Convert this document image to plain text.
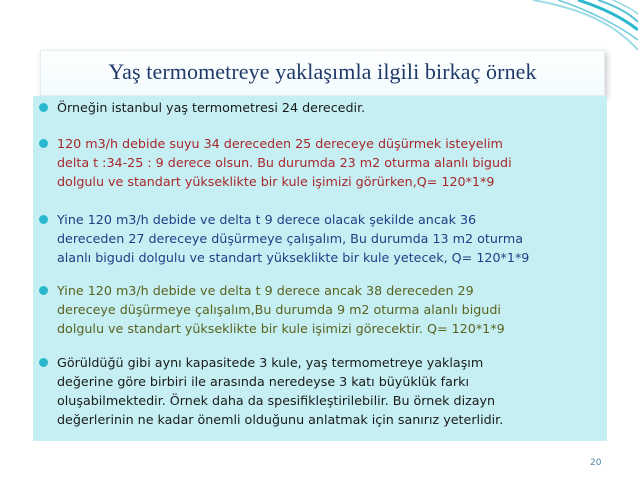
Yaş termometreye yaklaşımla ilgili birkaç örnek
Örneğin istanbul yaş termometresi 24 derecedir.
120 m3/h debide suyu 34 dereceden 25 dereceye düşürmek isteyelim
delta t :34-25 : 9 derece olsun. Bu durumda 23 m2 oturma alanlı bigudi
dolgulu ve standart yükseklikte bir kule işimizi görürken,Q= 120*1*9
Yine 120 m3/h debide ve delta t 9 derece olacak şekilde ancak 36
dereceden 27 dereceye düşürmeye çalışalım, Bu durumda 13 m2 oturma
alanlı bigudi dolgulu ve standart yükseklikte bir kule yetecek, Q= 120*1*9
Yine 120 m3/h debide ve delta t 9 derece ancak 38 dereceden 29
dereceye düşürmeye çalışalım,Bu durumda 9 m2 oturma alanlı bigudi
dolgulu ve standart yükseklikte bir kule işimizi görecektir. Q= 120*1*9
Görüldüğü gibi aynı kapasitede 3 kule, yaş termometreye yaklaşım
değerine göre birbiri ile arasında neredeyse 3 katı büyüklük farkı
oluşabilmektedir. Örnek daha da spesifikleştirilebilir. Bu örnek dizayn
değerlerinin ne kadar önemli olduğunu anlatmak için sanırız yeterlidir.
20
